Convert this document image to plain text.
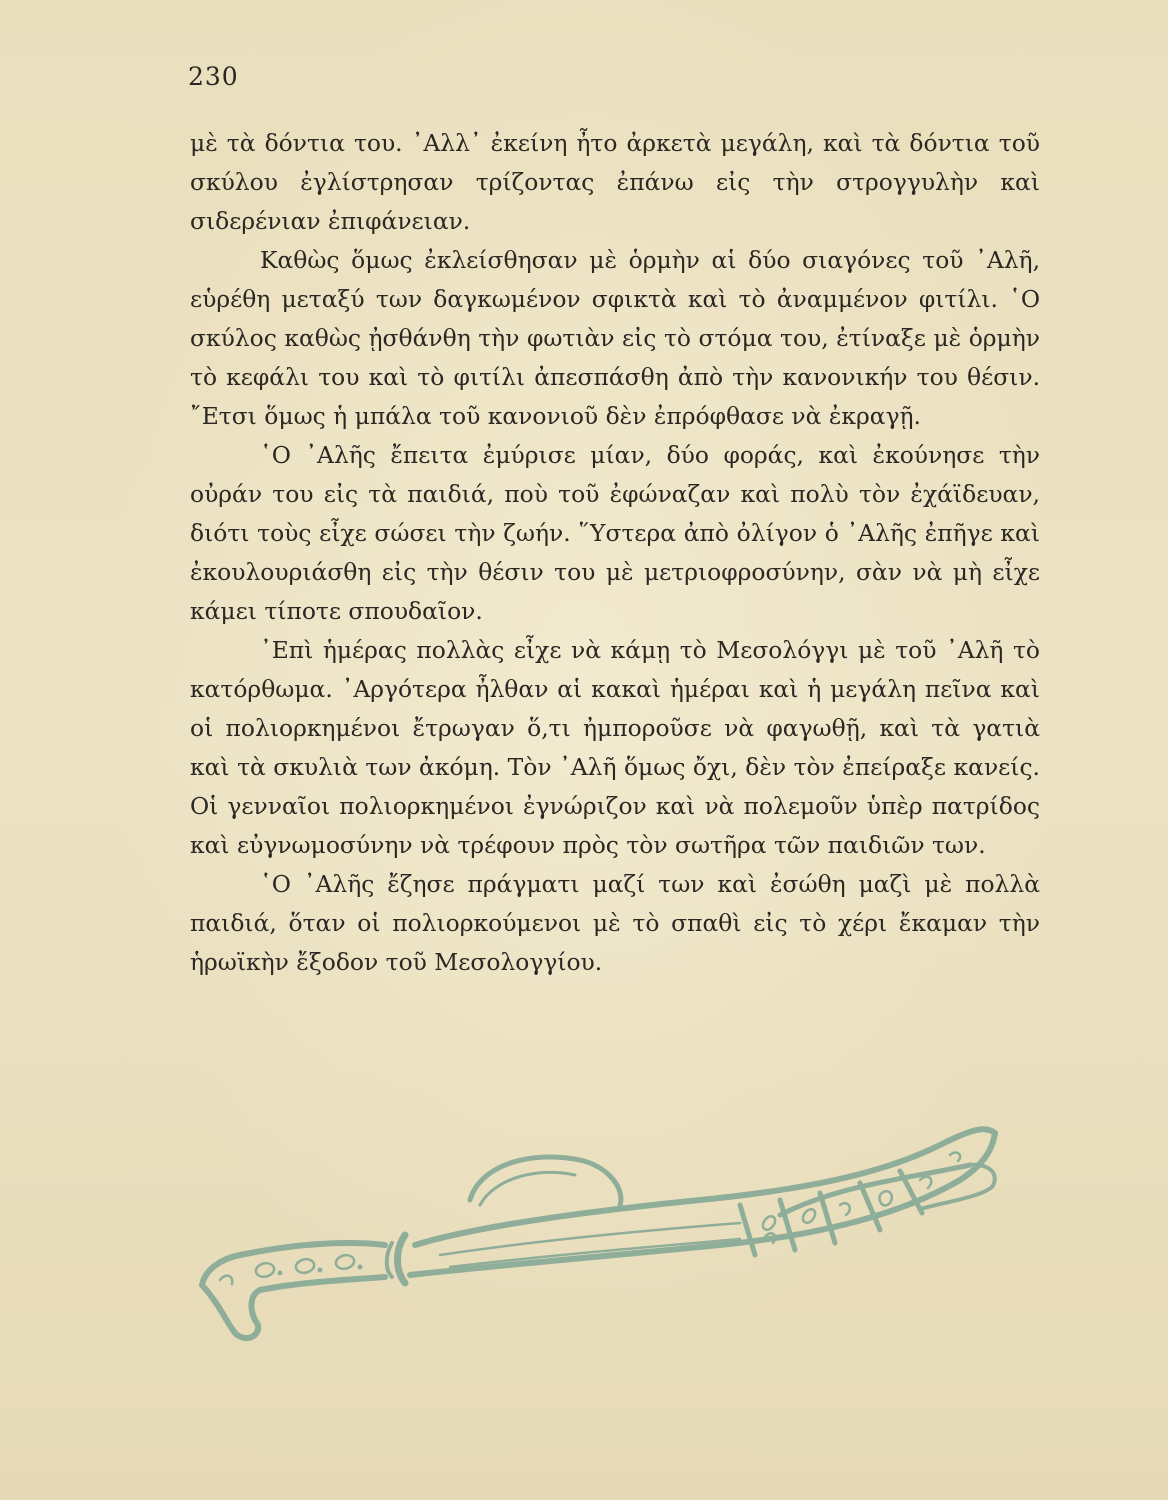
230

μὲ τὰ δόντια του. ᾿Αλλ᾿ ἐκείνη ἦτο ἀρκετὰ μεγάλη, καὶ τὰ δόντια τοῦ σκύλου ἐγλίστρησαν τρίζοντας ἐπάνω εἰς τὴν στρογγυλὴν καὶ σιδερένιαν ἐπιφάνειαν.

Καθὼς ὅμως ἐκλείσθησαν μὲ ὁρμὴν αἱ δύο σιαγόνες τοῦ ᾿Αλῆ, εὑρέθη μεταξύ των δαγκωμένον σφικτὰ καὶ τὸ ἀναμμένον φιτίλι. ῾Ο σκύλος καθὼς ᾐσθάνθη τὴν φωτιὰν εἰς τὸ στόμα του, ἐτίναξε μὲ ὁρμὴν τὸ κεφάλι του καὶ τὸ φιτίλι ἀπεσπάσθη ἀπὸ τὴν κανονικήν του θέσιν. ῎Ετσι ὅμως ἡ μπάλα τοῦ κανονιοῦ δὲν ἐπρόφθασε νὰ ἐκραγῇ.

῾Ο ᾿Αλῆς ἔπειτα ἐμύρισε μίαν, δύο φοράς, καὶ ἐκούνησε τὴν οὐράν του εἰς τὰ παιδιά, ποὺ τοῦ ἐφώναζαν καὶ πολὺ τὸν ἐχάϊδευαν, διότι τοὺς εἶχε σώσει τὴν ζωήν. ῞Υστερα ἀπὸ ὀλίγον ὁ ᾿Αλῆς ἐπῆγε καὶ ἐκουλουριάσθη εἰς τὴν θέσιν του μὲ μετριοφροσύνην, σὰν νὰ μὴ εἶχε κάμει τίποτε σπουδαῖον.

᾿Επὶ ἡμέρας πολλὰς εἶχε νὰ κάμῃ τὸ Μεσολόγγι μὲ τοῦ ᾿Αλῆ τὸ κατόρθωμα. ᾿Αργότερα ἦλθαν αἱ κακαὶ ἡμέραι καὶ ἡ μεγάλη πεῖνα καὶ οἱ πολιορκημένοι ἔτρωγαν ὅ,τι ἠμποροῦσε νὰ φαγωθῇ, καὶ τὰ γατιὰ καὶ τὰ σκυλιὰ των ἀκόμη. Τὸν ᾿Αλῆ ὅμως ὄχι, δὲν τὸν ἐπείραξε κανείς. Οἱ γενναῖοι πολιορκημένοι ἐγνώριζον καὶ νὰ πολεμοῦν ὑπὲρ πατρίδος καὶ εὐγνωμοσύνην νὰ τρέφουν πρὸς τὸν σωτῆρα τῶν παιδιῶν των.

῾Ο ᾿Αλῆς ἔζησε πράγματι μαζί των καὶ ἐσώθη μαζὶ μὲ πολλὰ παιδιά, ὅταν οἱ πολιορκούμενοι μὲ τὸ σπαθὶ εἰς τὸ χέρι ἔκαμαν τὴν ἡρωϊκὴν ἔξοδον τοῦ Μεσολογγίου.
